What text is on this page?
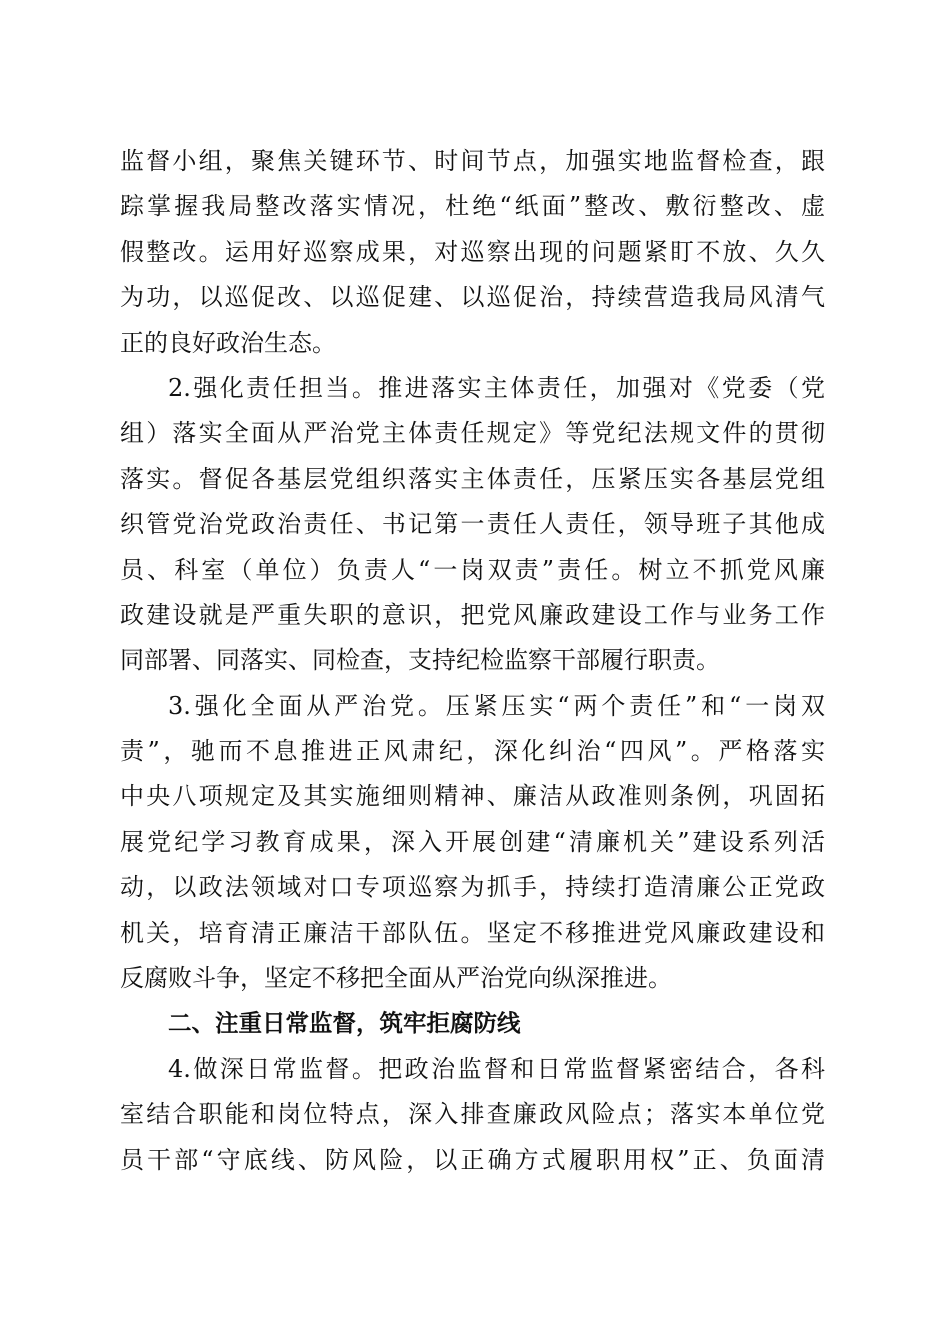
监督小组，聚焦关键环节、时间节点，加强实地监督检查，跟
踪掌握我局整改落实情况，杜绝“纸面”整改、敷衍整改、虚
假整改。运用好巡察成果，对巡察出现的问题紧盯不放、久久
为功，以巡促改、以巡促建、以巡促治，持续营造我局风清气
正的良好政治生态。
2.强化责任担当。推进落实主体责任，加强对《党委（党
组）落实全面从严治党主体责任规定》等党纪法规文件的贯彻
落实。督促各基层党组织落实主体责任，压紧压实各基层党组
织管党治党政治责任、书记第一责任人责任，领导班子其他成
员、科室（单位）负责人“一岗双责”责任。树立不抓党风廉
政建设就是严重失职的意识，把党风廉政建设工作与业务工作
同部署、同落实、同检查，支持纪检监察干部履行职责。
3.强化全面从严治党。压紧压实“两个责任”和“一岗双
责”，驰而不息推进正风肃纪，深化纠治“四风”。严格落实
中央八项规定及其实施细则精神、廉洁从政准则条例，巩固拓
展党纪学习教育成果，深入开展创建“清廉机关”建设系列活
动，以政法领域对口专项巡察为抓手，持续打造清廉公正党政
机关，培育清正廉洁干部队伍。坚定不移推进党风廉政建设和
反腐败斗争，坚定不移把全面从严治党向纵深推进。
二、注重日常监督，筑牢拒腐防线
4.做深日常监督。把政治监督和日常监督紧密结合，各科
室结合职能和岗位特点，深入排查廉政风险点；落实本单位党
员干部“守底线、防风险，以正确方式履职用权”正、负面清
